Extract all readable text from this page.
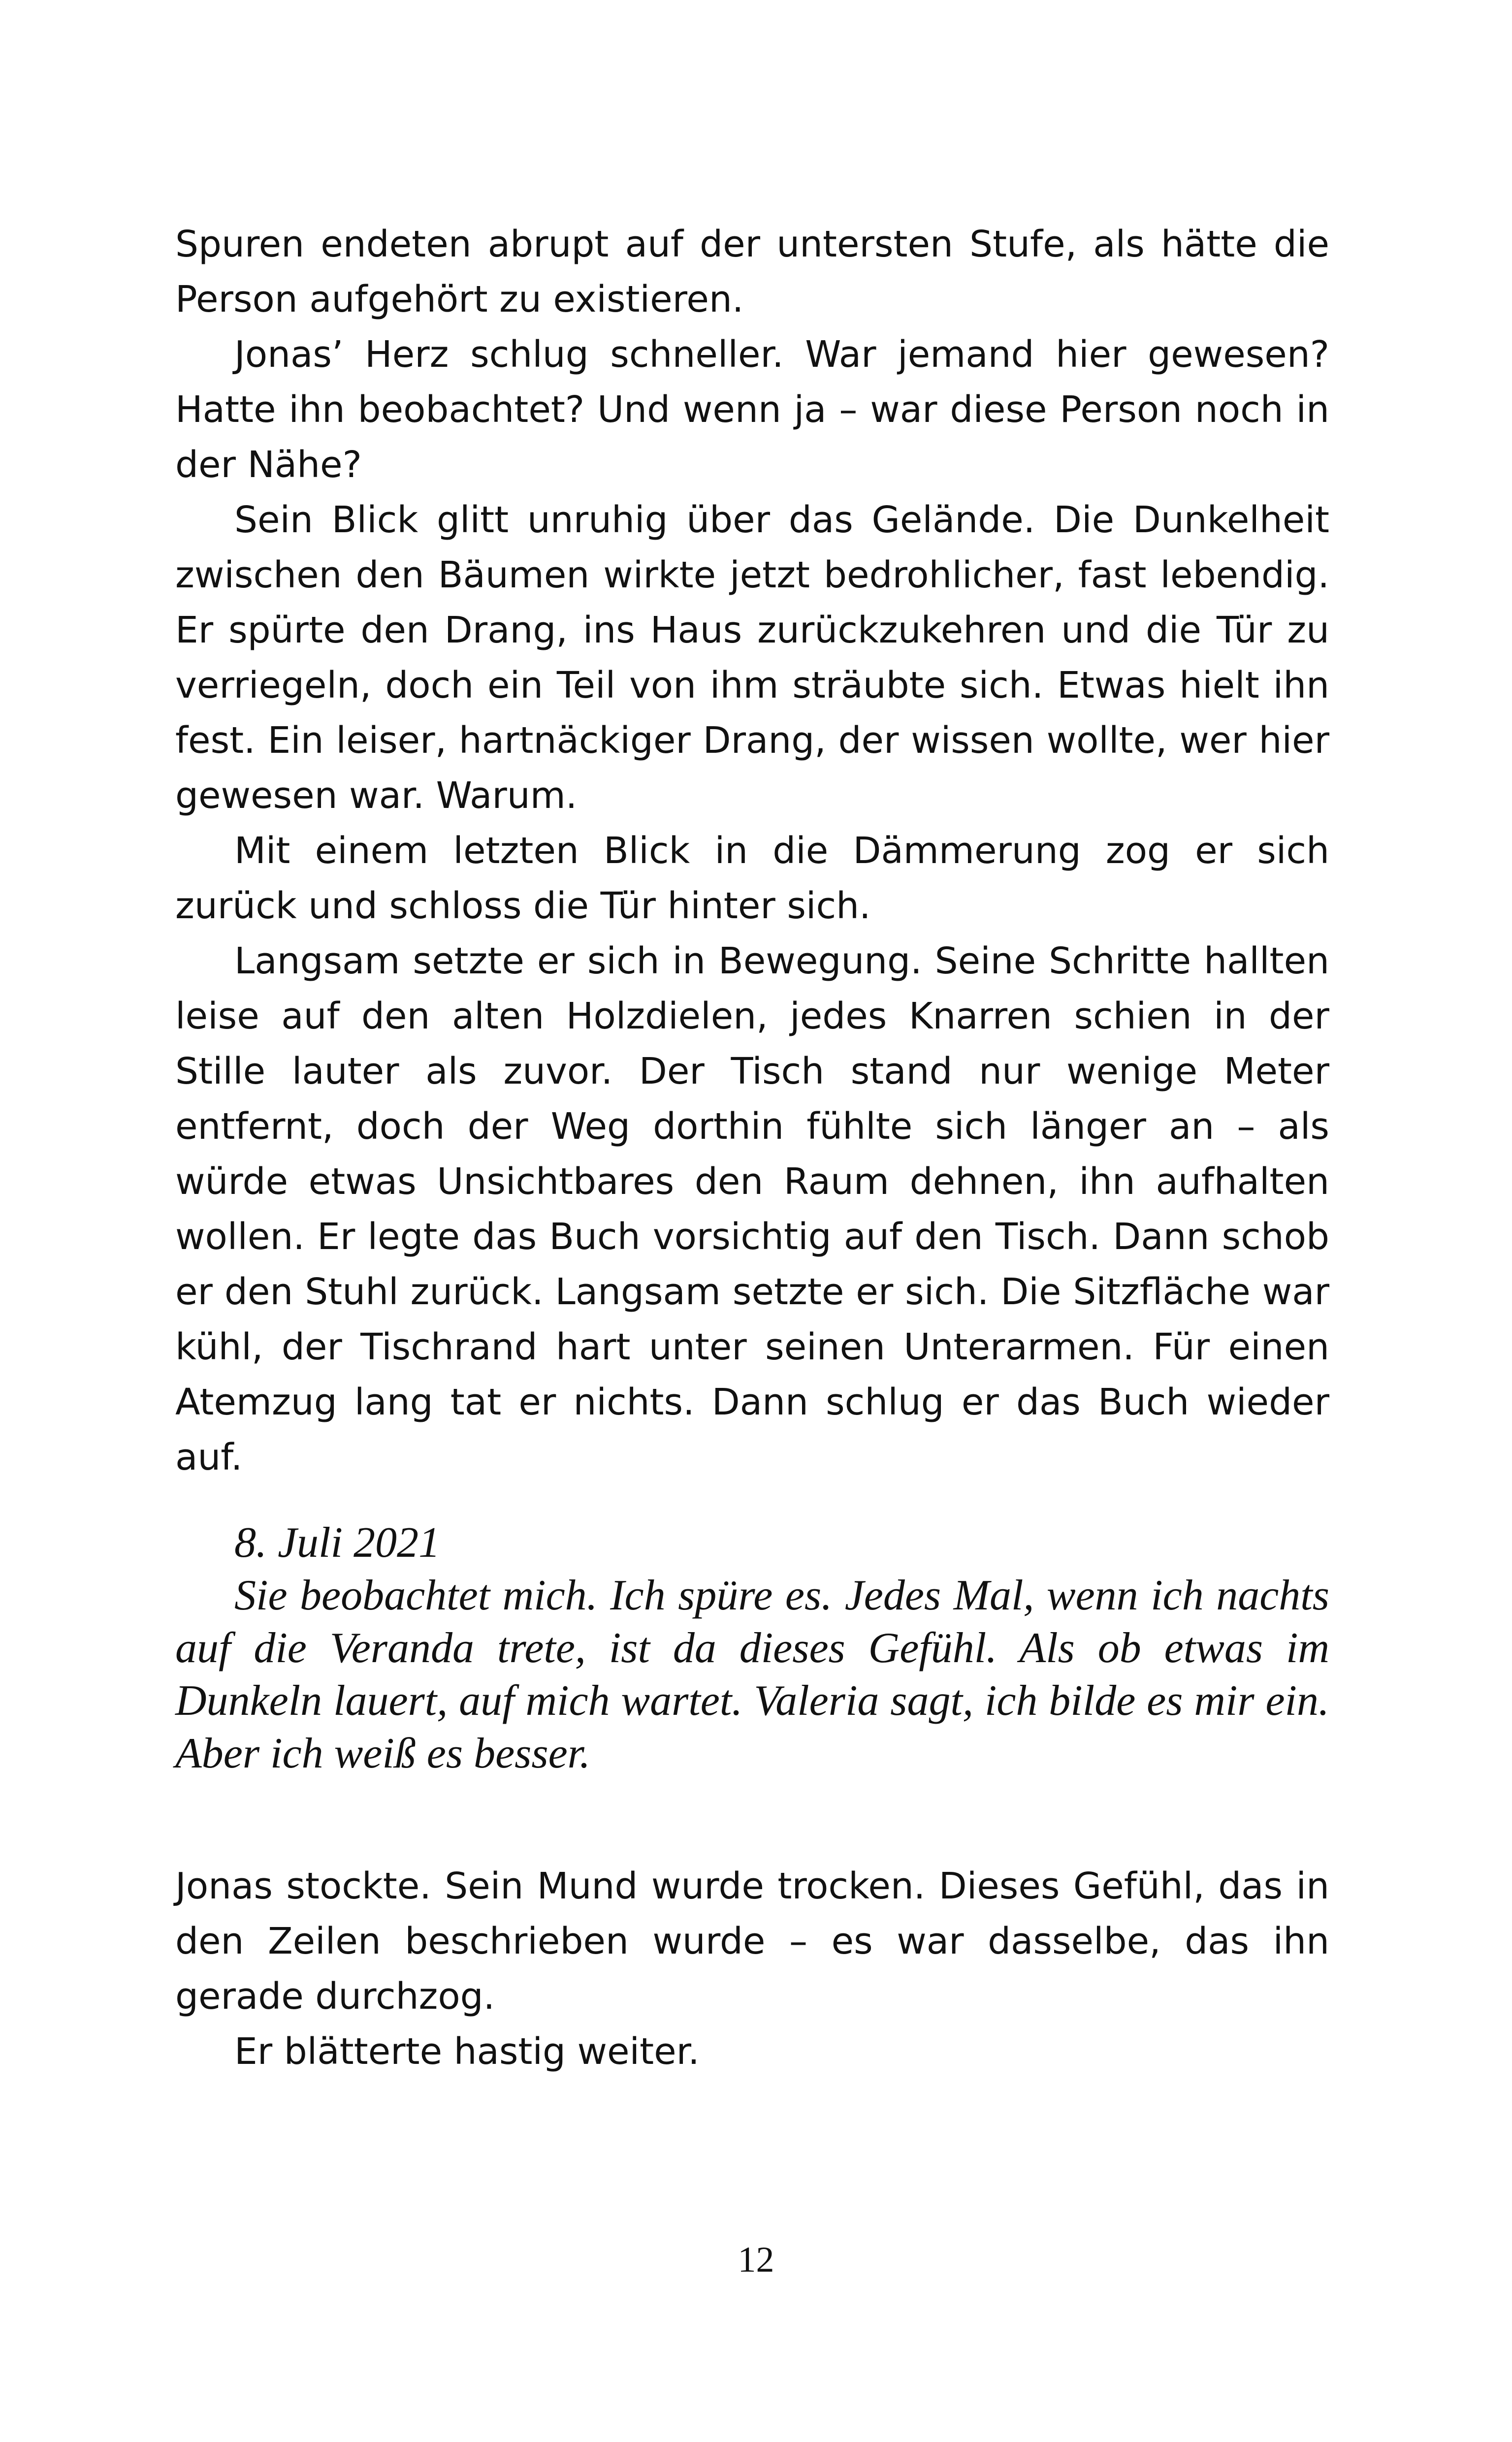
Spuren endeten abrupt auf der untersten Stufe, als hätte die Person aufgehört zu existieren.

Jonas’ Herz schlug schneller. War jemand hier gewesen? Hatte ihn beobachtet? Und wenn ja – war diese Person noch in der Nähe?

Sein Blick glitt unruhig über das Gelände. Die Dunkelheit zwischen den Bäumen wirkte jetzt bedrohlicher, fast lebendig. Er spürte den Drang, ins Haus zurückzukehren und die Tür zu verriegeln, doch ein Teil von ihm sträubte sich. Etwas hielt ihn fest. Ein leiser, hartnäckiger Drang, der wissen wollte, wer hier gewesen war. Warum.

Mit einem letzten Blick in die Dämmerung zog er sich zurück und schloss die Tür hinter sich.

Langsam setzte er sich in Bewegung. Seine Schritte hallten leise auf den alten Holzdielen, jedes Knarren schien in der Stille lauter als zuvor. Der Tisch stand nur wenige Meter entfernt, doch der Weg dorthin fühlte sich länger an – als würde etwas Unsichtbares den Raum dehnen, ihn aufhalten wollen. Er legte das Buch vorsichtig auf den Tisch. Dann schob er den Stuhl zurück. Langsam setzte er sich. Die Sitzfläche war kühl, der Tischrand hart unter seinen Unterarmen. Für einen Atemzug lang tat er nichts. Dann schlug er das Buch wieder auf.

8. Juli 2021

Sie beobachtet mich. Ich spüre es. Jedes Mal, wenn ich nachts auf die Veranda trete, ist da dieses Gefühl. Als ob etwas im Dunkeln lauert, auf mich wartet. Valeria sagt, ich bilde es mir ein. Aber ich weiß es besser.

Jonas stockte. Sein Mund wurde trocken. Dieses Gefühl, das in den Zeilen beschrieben wurde – es war dasselbe, das ihn gerade durchzog.

Er blätterte hastig weiter.

12
